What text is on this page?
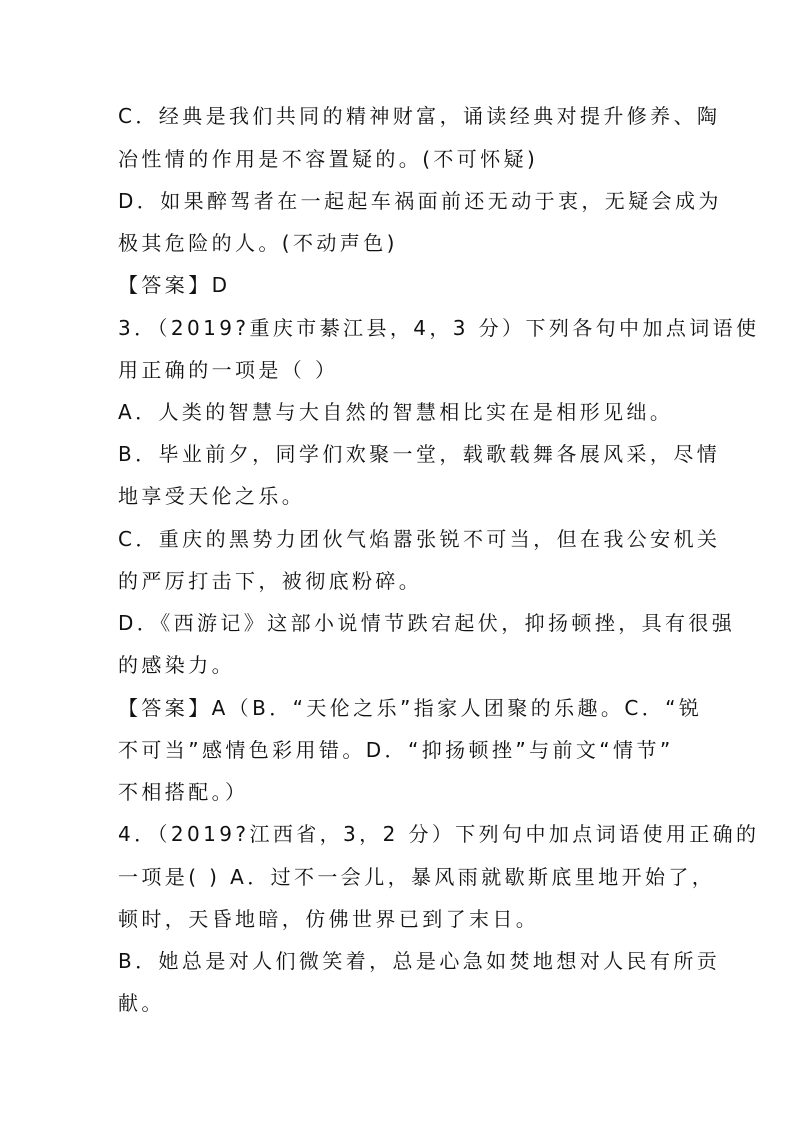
C．经典是我们共同的精神财富，诵读经典对提升修养、陶
冶性情的作用是不容置疑的。(不可怀疑)
D．如果醉驾者在一起起车祸面前还无动于衷，无疑会成为
极其危险的人。(不动声色)
【答案】D
3．（2019?重庆市綦江县，4，3 分）下列各句中加点词语使
用正确的一项是（ ）
A．人类的智慧与大自然的智慧相比实在是相形见绌。
B．毕业前夕，同学们欢聚一堂，载歌载舞各展风采，尽情
地享受天伦之乐。
C．重庆的黑势力团伙气焰嚣张锐不可当，但在我公安机关
的严厉打击下，被彻底粉碎。
D．《西游记》这部小说情节跌宕起伏，抑扬顿挫，具有很强
的感染力。
【答案】A（B．“天伦之乐”指家人团聚的乐趣。C．“锐
不可当”感情色彩用错。D．“抑扬顿挫”与前文“情节”
不相搭配。）
4．（2019?江西省，3，2 分）下列句中加点词语使用正确的
一项是( ) A．过不一会儿，暴风雨就歇斯底里地开始了，
顿时，天昏地暗，仿佛世界已到了末日。
B．她总是对人们微笑着，总是心急如焚地想对人民有所贡
献。
